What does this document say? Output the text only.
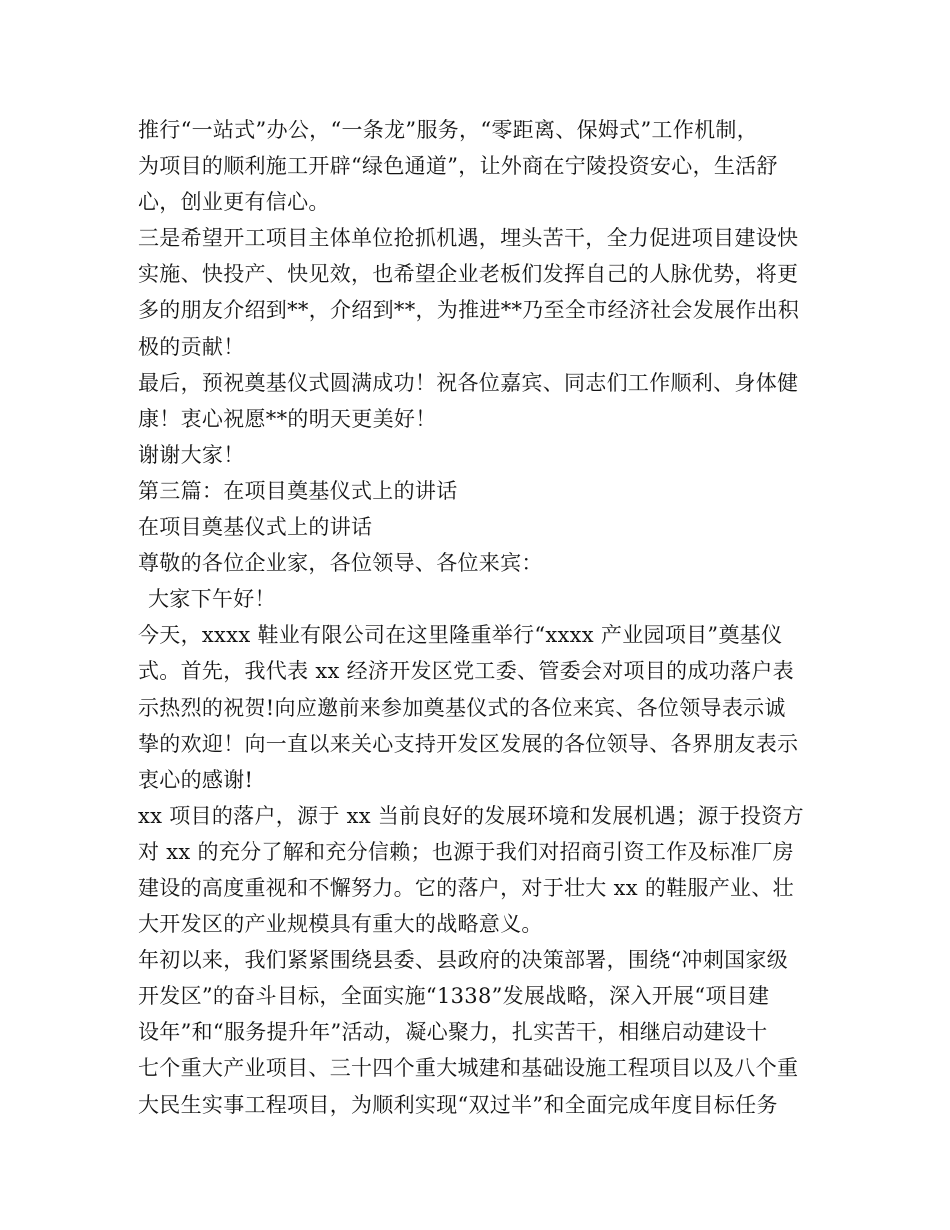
推行“一站式”办公，“一条龙”服务，“零距离、保姆式”工作机制，
为项目的顺利施工开辟“绿色通道”，让外商在宁陵投资安心，生活舒
心，创业更有信心。
三是希望开工项目主体单位抢抓机遇，埋头苦干，全力促进项目建设快
实施、快投产、快见效，也希望企业老板们发挥自己的人脉优势，将更
多的朋友介绍到**，介绍到**，为推进**乃至全市经济社会发展作出积
极的贡献！
最后，预祝奠基仪式圆满成功！祝各位嘉宾、同志们工作顺利、身体健
康！衷心祝愿**的明天更美好！
谢谢大家！
第三篇：在项目奠基仪式上的讲话
在项目奠基仪式上的讲话
尊敬的各位企业家，各位领导、各位来宾：
大家下午好！
今天，xxxx 鞋业有限公司在这里隆重举行“xxxx 产业园项目”奠基仪
式。首先，我代表 xx 经济开发区党工委、管委会对项目的成功落户表
示热烈的祝贺!向应邀前来参加奠基仪式的各位来宾、各位领导表示诚
挚的欢迎！向一直以来关心支持开发区发展的各位领导、各界朋友表示
衷心的感谢!
xx 项目的落户，源于 xx 当前良好的发展环境和发展机遇；源于投资方
对 xx 的充分了解和充分信赖；也源于我们对招商引资工作及标准厂房
建设的高度重视和不懈努力。它的落户，对于壮大 xx 的鞋服产业、壮
大开发区的产业规模具有重大的战略意义。
年初以来，我们紧紧围绕县委、县政府的决策部署，围绕“冲刺国家级
开发区”的奋斗目标，全面实施“1338”发展战略，深入开展“项目建
设年”和“服务提升年”活动，凝心聚力，扎实苦干，相继启动建设十
七个重大产业项目、三十四个重大城建和基础设施工程项目以及八个重
大民生实事工程项目，为顺利实现“双过半”和全面完成年度目标任务
